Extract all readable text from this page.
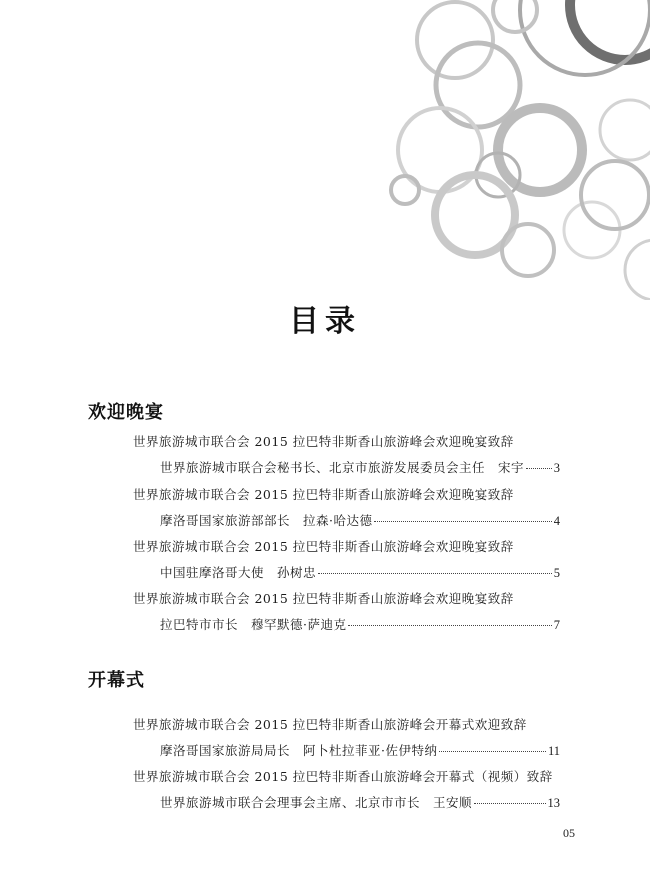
目录
欢迎晚宴
世界旅游城市联合会 2015 拉巴特非斯香山旅游峰会欢迎晚宴致辞
世界旅游城市联合会秘书长、北京市旅游发展委员会主任　宋宇 3
世界旅游城市联合会 2015 拉巴特非斯香山旅游峰会欢迎晚宴致辞
摩洛哥国家旅游部部长　拉森·哈达德	4
世界旅游城市联合会 2015 拉巴特非斯香山旅游峰会欢迎晚宴致辞
中国驻摩洛哥大使　孙树忠	5
世界旅游城市联合会 2015 拉巴特非斯香山旅游峰会欢迎晚宴致辞
拉巴特市市长　穆罕默德·萨迪克	7
开幕式
世界旅游城市联合会 2015 拉巴特非斯香山旅游峰会开幕式欢迎致辞
摩洛哥国家旅游局局长　阿卜杜拉菲亚·佐伊特纳	11
世界旅游城市联合会 2015 拉巴特非斯香山旅游峰会开幕式（视频）致辞
世界旅游城市联合会理事会主席、北京市市长　王安顺	13
05
